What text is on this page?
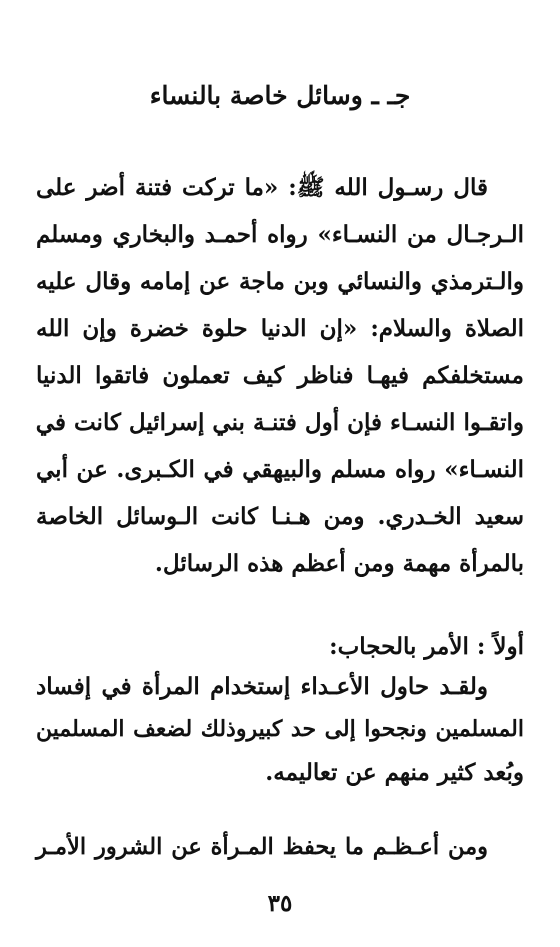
جـ ـ وسائل خاصة بالنساء
قال رسـول الله ﷺ: «ما تركت فتنة أضر على
الـرجـال من النسـاء» رواه أحمـد والبخاري ومسلم
والـترمذي والنسائي وبن ماجة عن إمامه وقال عليه
الصلاة والسلام: «إن الدنيا حلوة خضرة وإن الله
مستخلفكم فيهـا فناظر كيف تعملون فاتقوا الدنيا
واتقـوا النسـاء فإن أول فتنـة بني إسرائيل كانت في
النسـاء» رواه مسلم والبيهقي في الكـبرى. عن أبي
سعيد الخـدري. ومن هـنـا كانت الـوسائل الخاصة
بالمرأة مهمة ومن أعظم هذه الرسائل.
أولاً : الأمر بالحجاب:
ولقـد حاول الأعـداء إستخدام المرأة في إفساد
المسلمين ونجحوا إلى حد كبيروذلك لضعف المسلمين
وبُعد كثير منهم عن تعاليمه.
ومن أعـظـم ما يحفظ المـرأة عن الشرور الأمـر
٣٥
